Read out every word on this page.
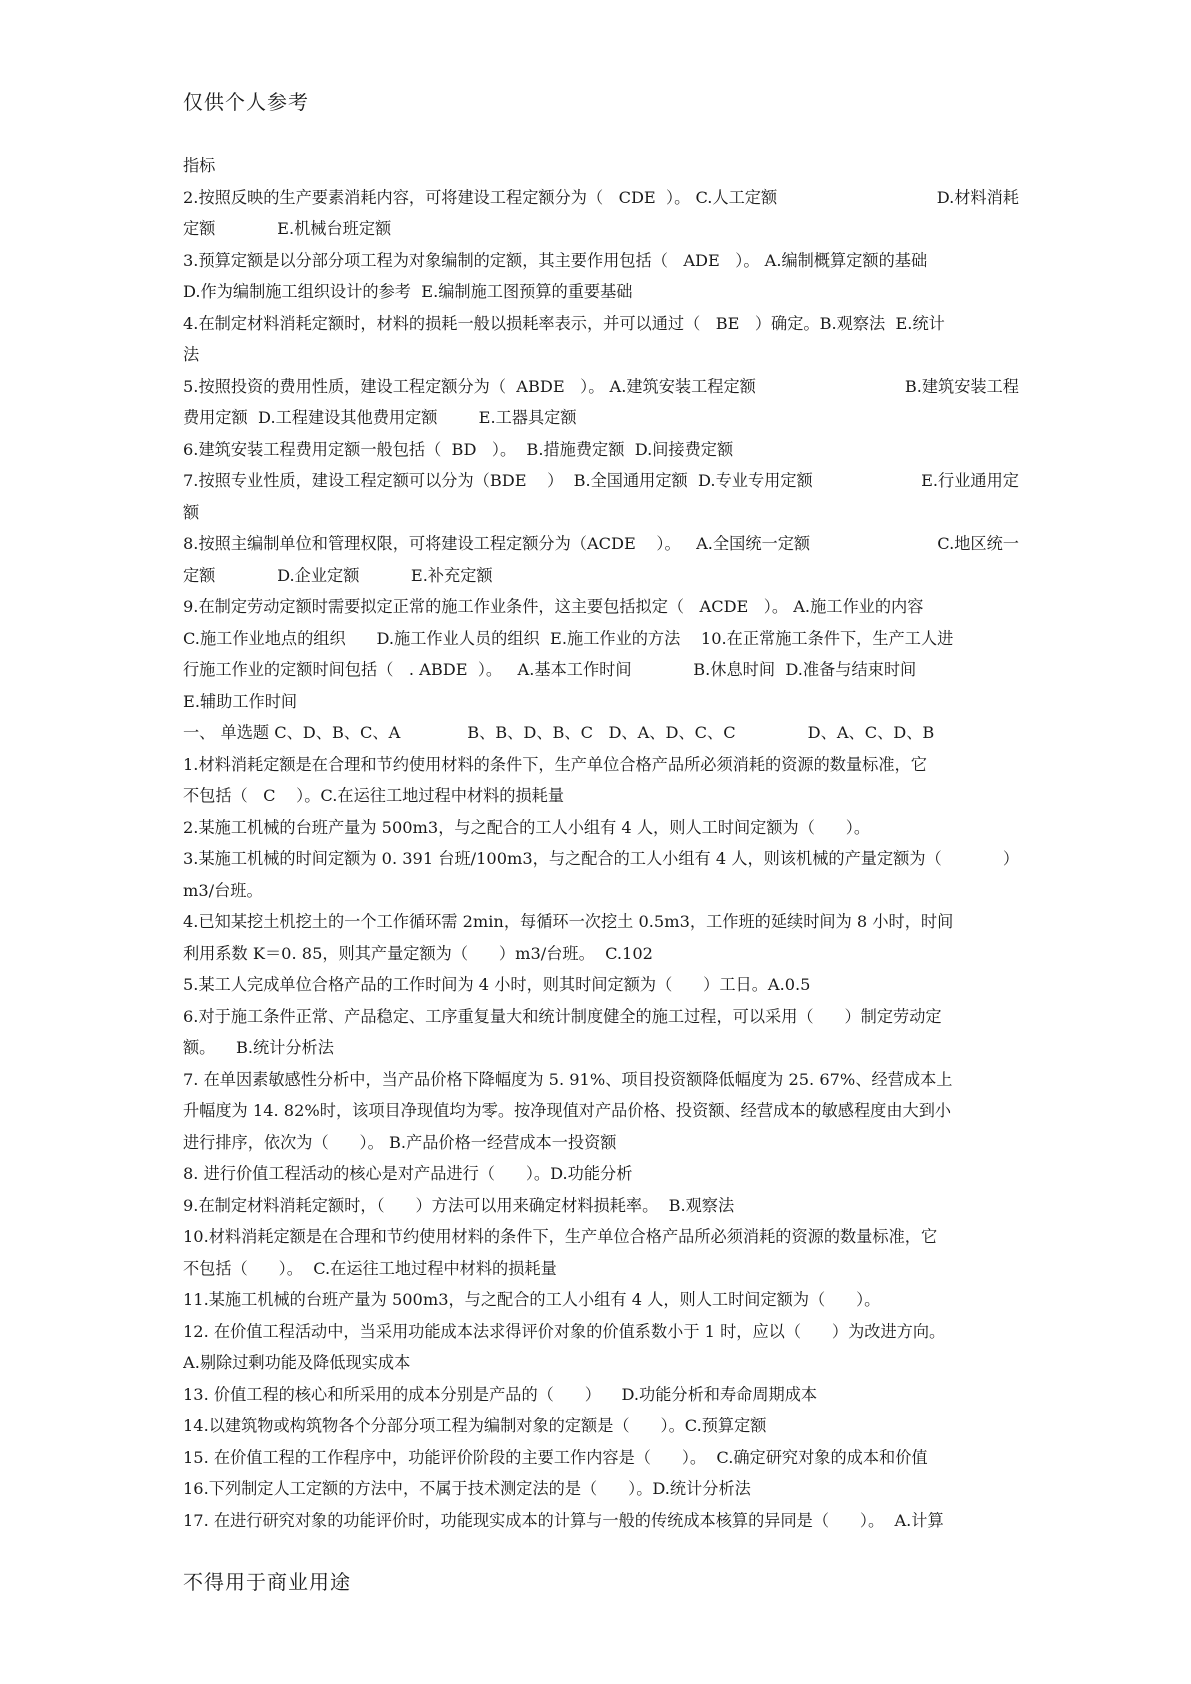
仅供个人参考
指标
2.按照反映的生产要素消耗内容，可将建设工程定额分为（   CDE  ）。 C.人工定额	D.材料消耗
定额            E.机械台班定额
3.预算定额是以分部分项工程为对象编制的定额，其主要作用包括（   ADE   ）。 A.编制概算定额的基础
D.作为编制施工组织设计的参考  E.编制施工图预算的重要基础
4.在制定材料消耗定额时，材料的损耗一般以损耗率表示，并可以通过（   BE   ）确定。B.观察法  E.统计
法
5.按照投资的费用性质，建设工程定额分为（  ABDE   ）。 A.建筑安装工程定额	B.建筑安装工程
费用定额  D.工程建设其他费用定额        E.工器具定额
6.建筑安装工程费用定额一般包括（  BD   ）。  B.措施费定额  D.间接费定额
7.按照专业性质，建设工程定额可以分为（BDE    ）  B.全国通用定额  D.专业专用定额	E.行业通用定
额
8.按照主编制单位和管理权限，可将建设工程定额分为（ACDE    ）。   A.全国统一定额	C.地区统一
定额            D.企业定额          E.补充定额
9.在制定劳动定额时需要拟定正常的施工作业条件，这主要包括拟定（   ACDE   ）。 A.施工作业的内容
C.施工作业地点的组织      D.施工作业人员的组织  E.施工作业的方法    10.在正常施工条件下，生产工人进
行施工作业的定额时间包括（   . ABDE  ）。   A.基本工作时间            B.休息时间  D.准备与结束时间
E.辅助工作时间
一、 单选题 C、D、B、C、A             B、B、D、B、C   D、A、D、C、C              D、A、C、D、B
1.材料消耗定额是在合理和节约使用材料的条件下，生产单位合格产品所必须消耗的资源的数量标准，它
不包括（   C    ）。C.在运往工地过程中材料的损耗量
2.某施工机械的台班产量为 500m3，与之配合的工人小组有 4 人，则人工时间定额为（      ）。
3.某施工机械的时间定额为 0. 391 台班/100m3，与之配合的工人小组有 4 人，则该机械的产量定额为（	）
m3/台班。
4.已知某挖土机挖土的一个工作循环需 2min，每循环一次挖土 0.5m3，工作班的延续时间为 8 小时，时间
利用系数 K＝0. 85，则其产量定额为（      ）m3/台班。  C.102
5.某工人完成单位合格产品的工作时间为 4 小时，则其时间定额为（      ）工日。A.0.5
6.对于施工条件正常、产品稳定、工序重复量大和统计制度健全的施工过程，可以采用（      ）制定劳动定
额。    B.统计分析法
7. 在单因素敏感性分析中，当产品价格下降幅度为 5. 91%、项目投资额降低幅度为 25. 67%、经营成本上
升幅度为 14. 82%时，该项目净现值均为零。按净现值对产品价格、投资额、经营成本的敏感程度由大到小
进行排序，依次为（      ）。 B.产品价格一经营成本一投资额
8. 进行价值工程活动的核心是对产品进行（      ）。D.功能分析
9.在制定材料消耗定额时，（      ）方法可以用来确定材料损耗率。  B.观察法
10.材料消耗定额是在合理和节约使用材料的条件下，生产单位合格产品所必须消耗的资源的数量标准，它
不包括（      ）。  C.在运往工地过程中材料的损耗量
11.某施工机械的台班产量为 500m3，与之配合的工人小组有 4 人，则人工时间定额为（      ）。
12. 在价值工程活动中，当采用功能成本法求得评价对象的价值系数小于 1 时，应以（      ）为改进方向。
A.剔除过剩功能及降低现实成本
13. 价值工程的核心和所采用的成本分别是产品的（      ）    D.功能分析和寿命周期成本
14.以建筑物或构筑物各个分部分项工程为编制对象的定额是（      ）。C.预算定额
15. 在价值工程的工作程序中，功能评价阶段的主要工作内容是（      ）。  C.确定研究对象的成本和价值
16.下列制定人工定额的方法中，不属于技术测定法的是（      ）。D.统计分析法
17. 在进行研究对象的功能评价时，功能现实成本的计算与一般的传统成本核算的异同是（      ）。  A.计算
不得用于商业用途
